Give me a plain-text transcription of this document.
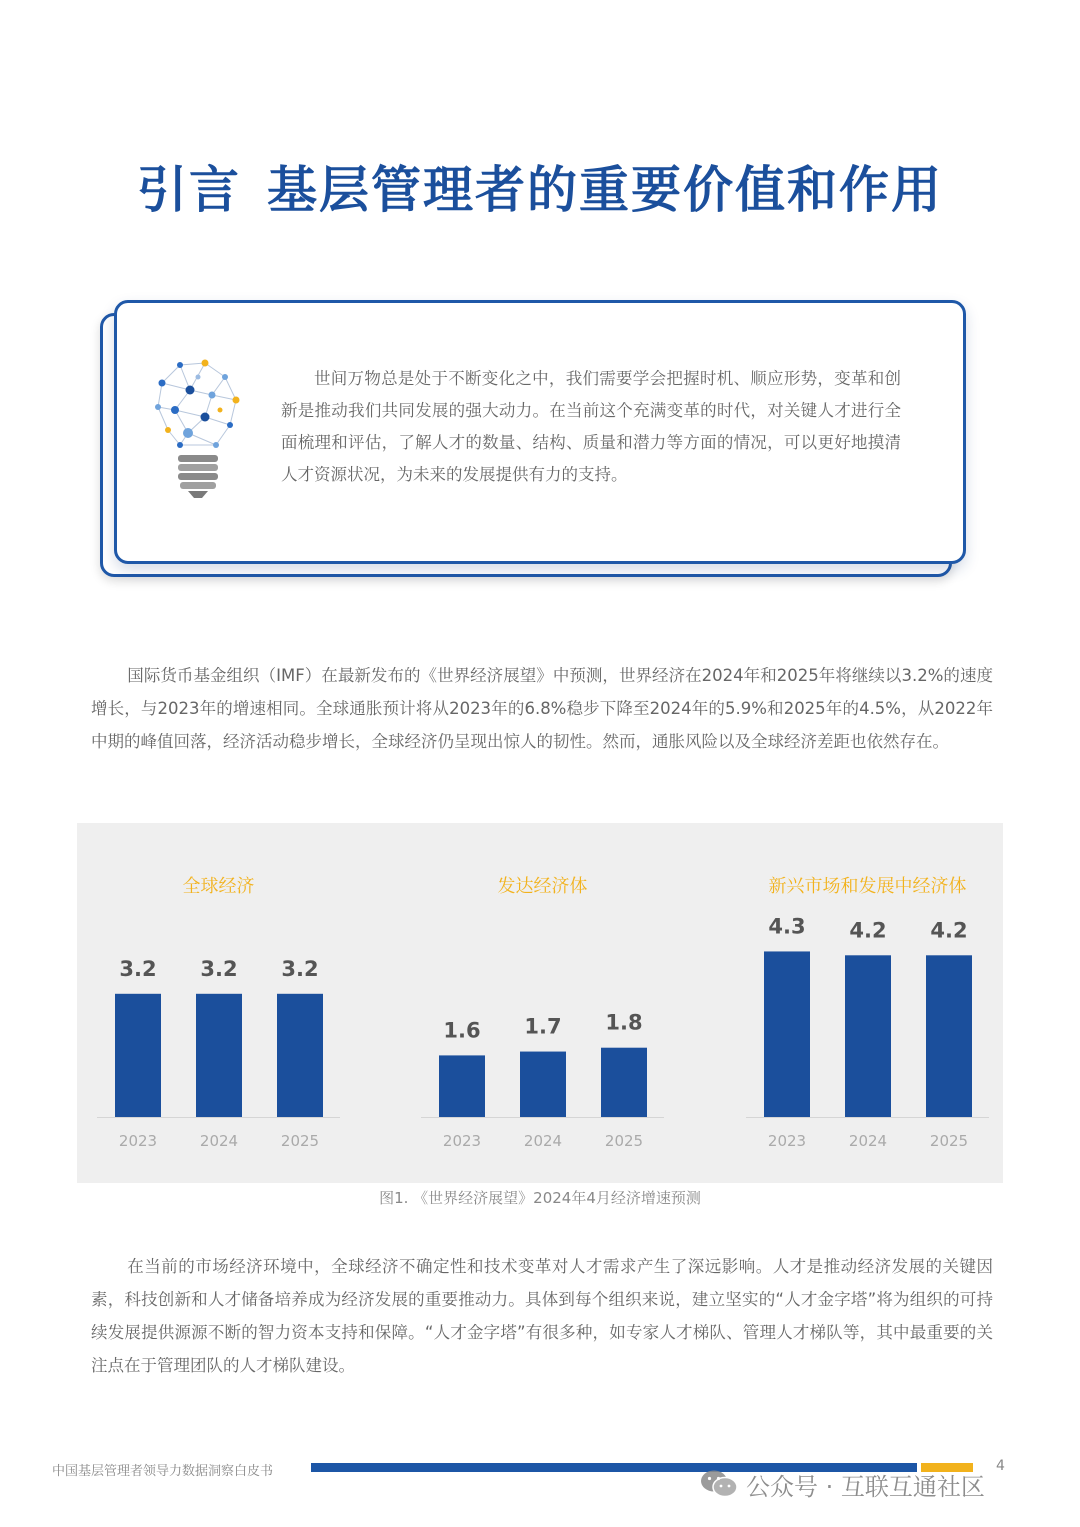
引言 基层管理者的重要价值和作用

世间万物总是处于不断变化之中，我们需要学会把握时机、顺应形势，变革和创新是推动我们共同发展的强大动力。在当前这个充满变革的时代，对关键人才进行全面梳理和评估，了解人才的数量、结构、质量和潜力等方面的情况，可以更好地摸清人才资源状况，为未来的发展提供有力的支持。

国际货币基金组织（IMF）在最新发布的《世界经济展望》中预测，世界经济在2024年和2025年将继续以3.2%的速度增长，与2023年的增速相同。全球通胀预计将从2023年的6.8%稳步下降至2024年的5.9%和2025年的4.5%，从2022年中期的峰值回落，经济活动稳步增长，全球经济仍呈现出惊人的韧性。然而，通胀风险以及全球经济差距也依然存在。

全球经济
3.2
2023
3.2
2024
3.2
2025
发达经济体
1.6
2023
1.7
2024
1.8
2025
新兴市场和发展中经济体
4.3
2023
4.2
2024
4.2
2025

图1. 《世界经济展望》2024年4月经济增速预测

在当前的市场经济环境中，全球经济不确定性和技术变革对人才需求产生了深远影响。人才是推动经济发展的关键因素，科技创新和人才储备培养成为经济发展的重要推动力。具体到每个组织来说，建立坚实的“人才金字塔”将为组织的可持续发展提供源源不断的智力资本支持和保障。“人才金字塔”有很多种，如专家人才梯队、管理人才梯队等，其中最重要的关注点在于管理团队的人才梯队建设。

中国基层管理者领导力数据洞察白皮书	4

公众号 · 互联互通社区
